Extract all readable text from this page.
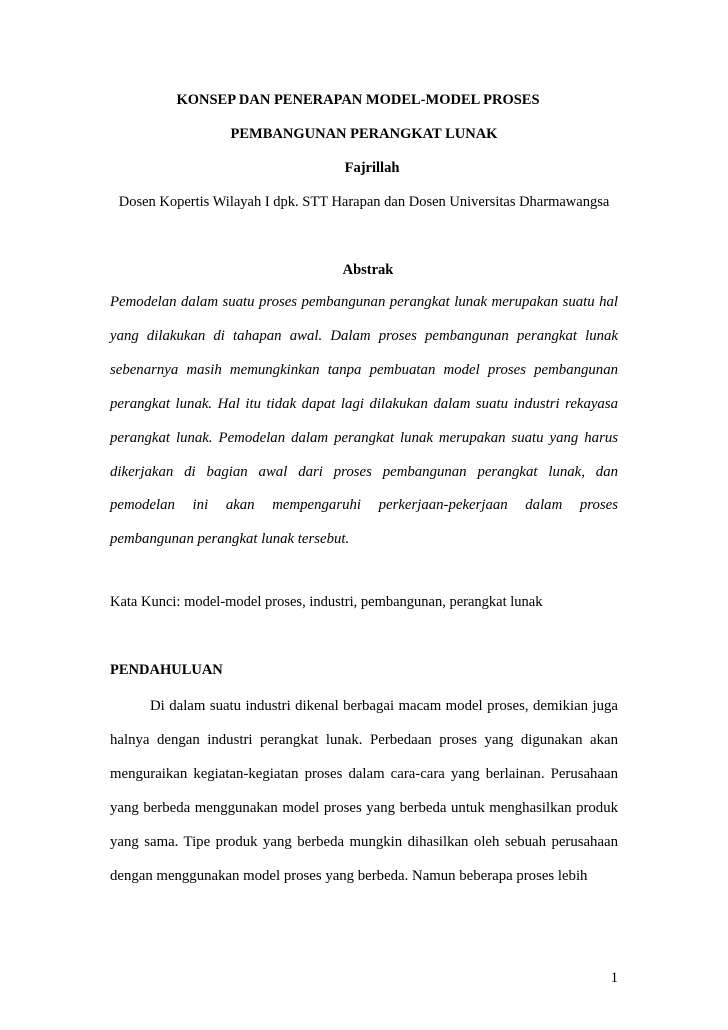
KONSEP DAN PENERAPAN MODEL-MODEL PROSES
PEMBANGUNAN PERANGKAT LUNAK
Fajrillah
Dosen Kopertis Wilayah I dpk. STT Harapan dan Dosen Universitas Dharmawangsa
Abstrak
Pemodelan dalam suatu proses pembangunan perangkat lunak merupakan suatu hal yang dilakukan di tahapan awal. Dalam proses pembangunan perangkat lunak sebenarnya masih memungkinkan tanpa pembuatan model proses pembangunan perangkat lunak. Hal itu tidak dapat lagi dilakukan dalam suatu industri rekayasa perangkat lunak. Pemodelan dalam perangkat lunak merupakan suatu yang harus dikerjakan di bagian awal dari proses pembangunan perangkat lunak, dan pemodelan ini akan mempengaruhi perkerjaan-pekerjaan dalam proses pembangunan perangkat lunak tersebut.
Kata Kunci: model-model proses, industri, pembangunan, perangkat lunak
PENDAHULUAN
Di dalam suatu industri dikenal berbagai macam model proses, demikian juga halnya dengan industri perangkat lunak. Perbedaan proses yang digunakan akan menguraikan kegiatan-kegiatan proses dalam cara-cara yang berlainan. Perusahaan yang berbeda menggunakan model proses yang berbeda untuk menghasilkan produk yang sama. Tipe produk yang berbeda mungkin dihasilkan oleh sebuah perusahaan dengan menggunakan model proses yang berbeda. Namun beberapa proses lebih
1
